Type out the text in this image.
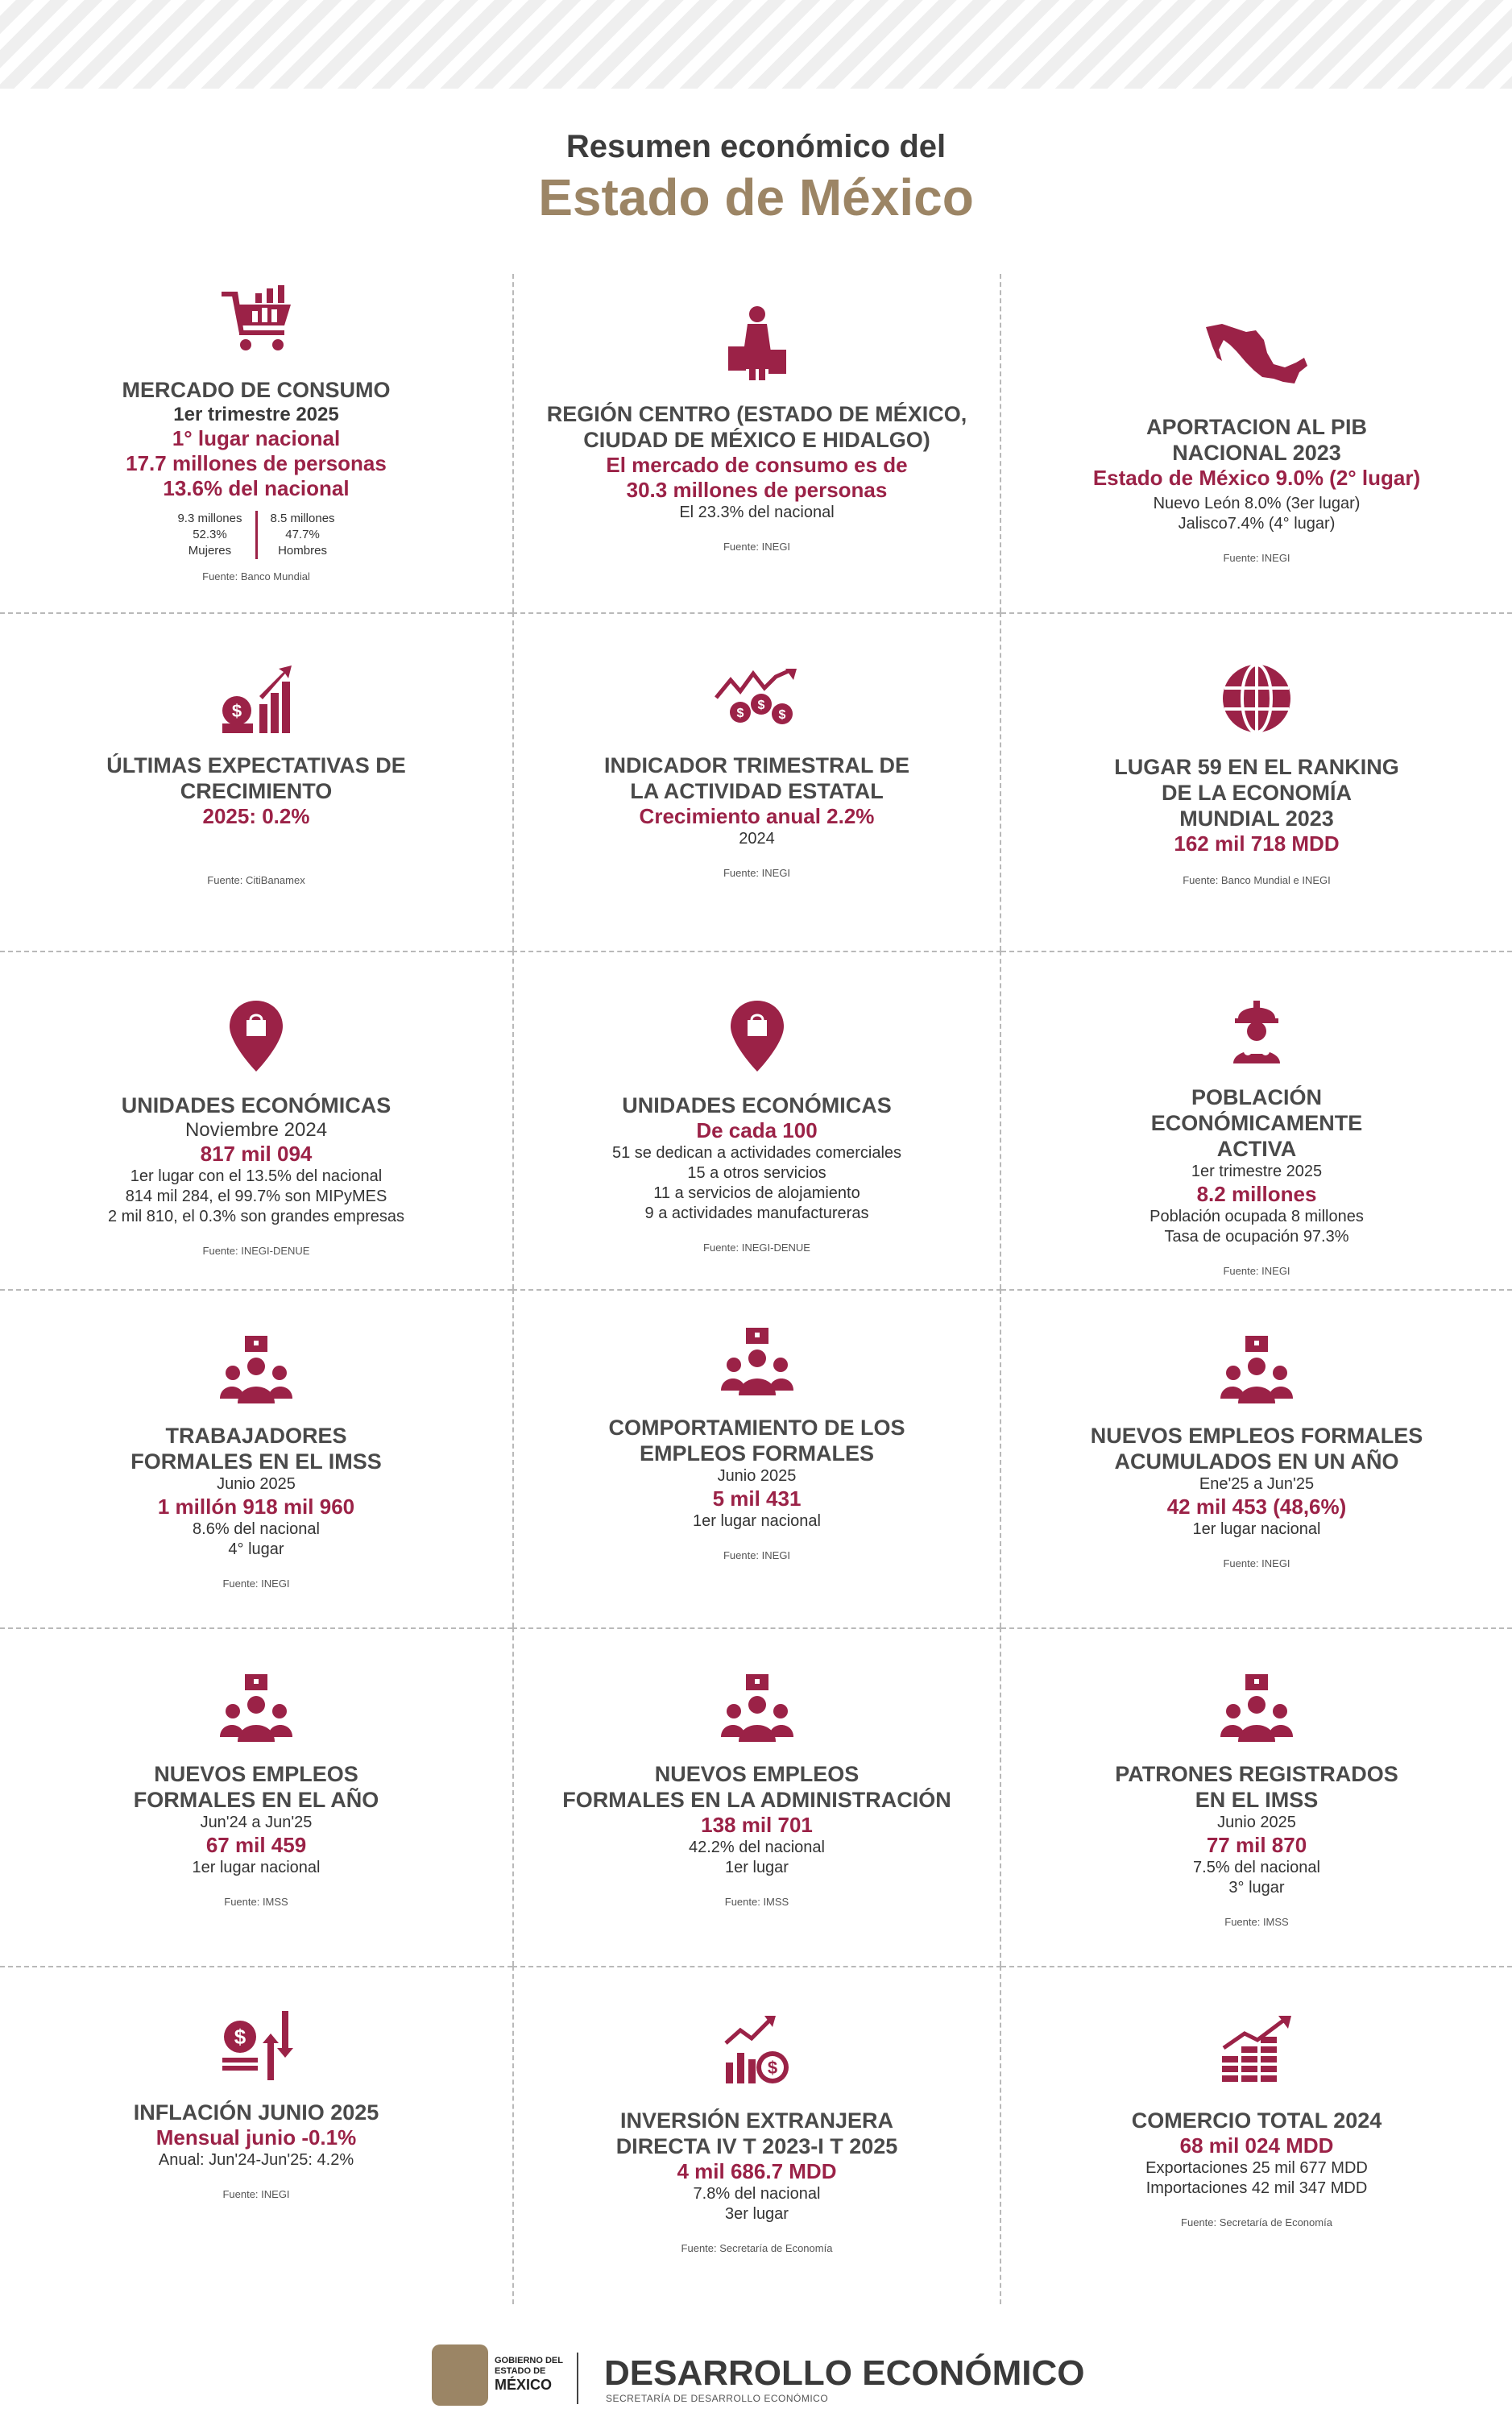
Resumen económico del
Estado de México
MERCADO DE CONSUMO
1er trimestre 2025
1° lugar nacional
17.7 millones de personas
13.6% del nacional
9.3 millones
52.3%
Mujeres
8.5 millones
47.7%
Hombres
Fuente: Banco Mundial
REGIÓN CENTRO (ESTADO DE MÉXICO,
CIUDAD DE MÉXICO E HIDALGO)
El mercado de consumo es de
30.3 millones de personas
El 23.3% del nacional
Fuente: INEGI
APORTACION AL PIB
NACIONAL 2023
Estado de México 9.0% (2° lugar)
Nuevo León 8.0% (3er lugar)
Jalisco7.4% (4° lugar)
Fuente: INEGI
$
ÚLTIMAS EXPECTATIVAS DE
CRECIMIENTO
2025: 0.2%
Fuente: CitiBanamex
$
$
$
INDICADOR TRIMESTRAL DE
LA ACTIVIDAD ESTATAL
Crecimiento anual 2.2%
2024
Fuente: INEGI
LUGAR 59 EN EL RANKING
DE LA ECONOMÍA
MUNDIAL 2023
162 mil 718 MDD
Fuente: Banco Mundial e INEGI
UNIDADES ECONÓMICAS
Noviembre 2024
817 mil 094
1er lugar con el 13.5% del nacional
814 mil 284, el 99.7% son MIPyMES
2 mil 810, el 0.3% son grandes empresas
Fuente: INEGI-DENUE
UNIDADES ECONÓMICAS
De cada 100
51 se dedican a actividades comerciales
15 a otros servicios
11 a servicios de alojamiento
9 a actividades manufactureras
Fuente: INEGI-DENUE
POBLACIÓN
ECONÓMICAMENTE
ACTIVA
1er trimestre 2025
8.2 millones
Población ocupada 8 millones
Tasa de ocupación 97.3%
Fuente: INEGI
TRABAJADORES
FORMALES EN EL IMSS
Junio 2025
1 millón 918 mil 960
8.6% del nacional
4° lugar
Fuente: INEGI
COMPORTAMIENTO DE LOS
EMPLEOS FORMALES
Junio 2025
5 mil 431
1er lugar nacional
Fuente: INEGI
NUEVOS EMPLEOS FORMALES
ACUMULADOS EN UN AÑO
Ene'25 a Jun'25
42 mil 453 (48,6%)
1er lugar nacional
Fuente: INEGI
NUEVOS EMPLEOS
FORMALES EN EL AÑO
Jun'24 a Jun'25
67 mil 459
1er lugar nacional
Fuente: IMSS
NUEVOS EMPLEOS
FORMALES EN LA ADMINISTRACIÓN
138 mil 701
42.2% del nacional
1er lugar
Fuente: IMSS
PATRONES REGISTRADOS
EN EL IMSS
Junio 2025
77 mil 870
7.5% del nacional
3° lugar
Fuente: IMSS
$
INFLACIÓN JUNIO 2025
Mensual junio -0.1%
Anual: Jun'24-Jun'25: 4.2%
Fuente: INEGI
$
INVERSIÓN EXTRANJERA
DIRECTA IV T 2023-I T 2025
4 mil 686.7 MDD
7.8% del nacional
3er lugar
Fuente: Secretaría de Economía
COMERCIO TOTAL 2024
68 mil 024 MDD
Exportaciones 25 mil 677 MDD
Importaciones 42 mil 347 MDD
Fuente: Secretaría de Economía
GOBIERNO DEL
ESTADO DE
MÉXICO	DESARROLLO ECONÓMICO
SECRETARÍA DE DESARROLLO ECONÓMICO
